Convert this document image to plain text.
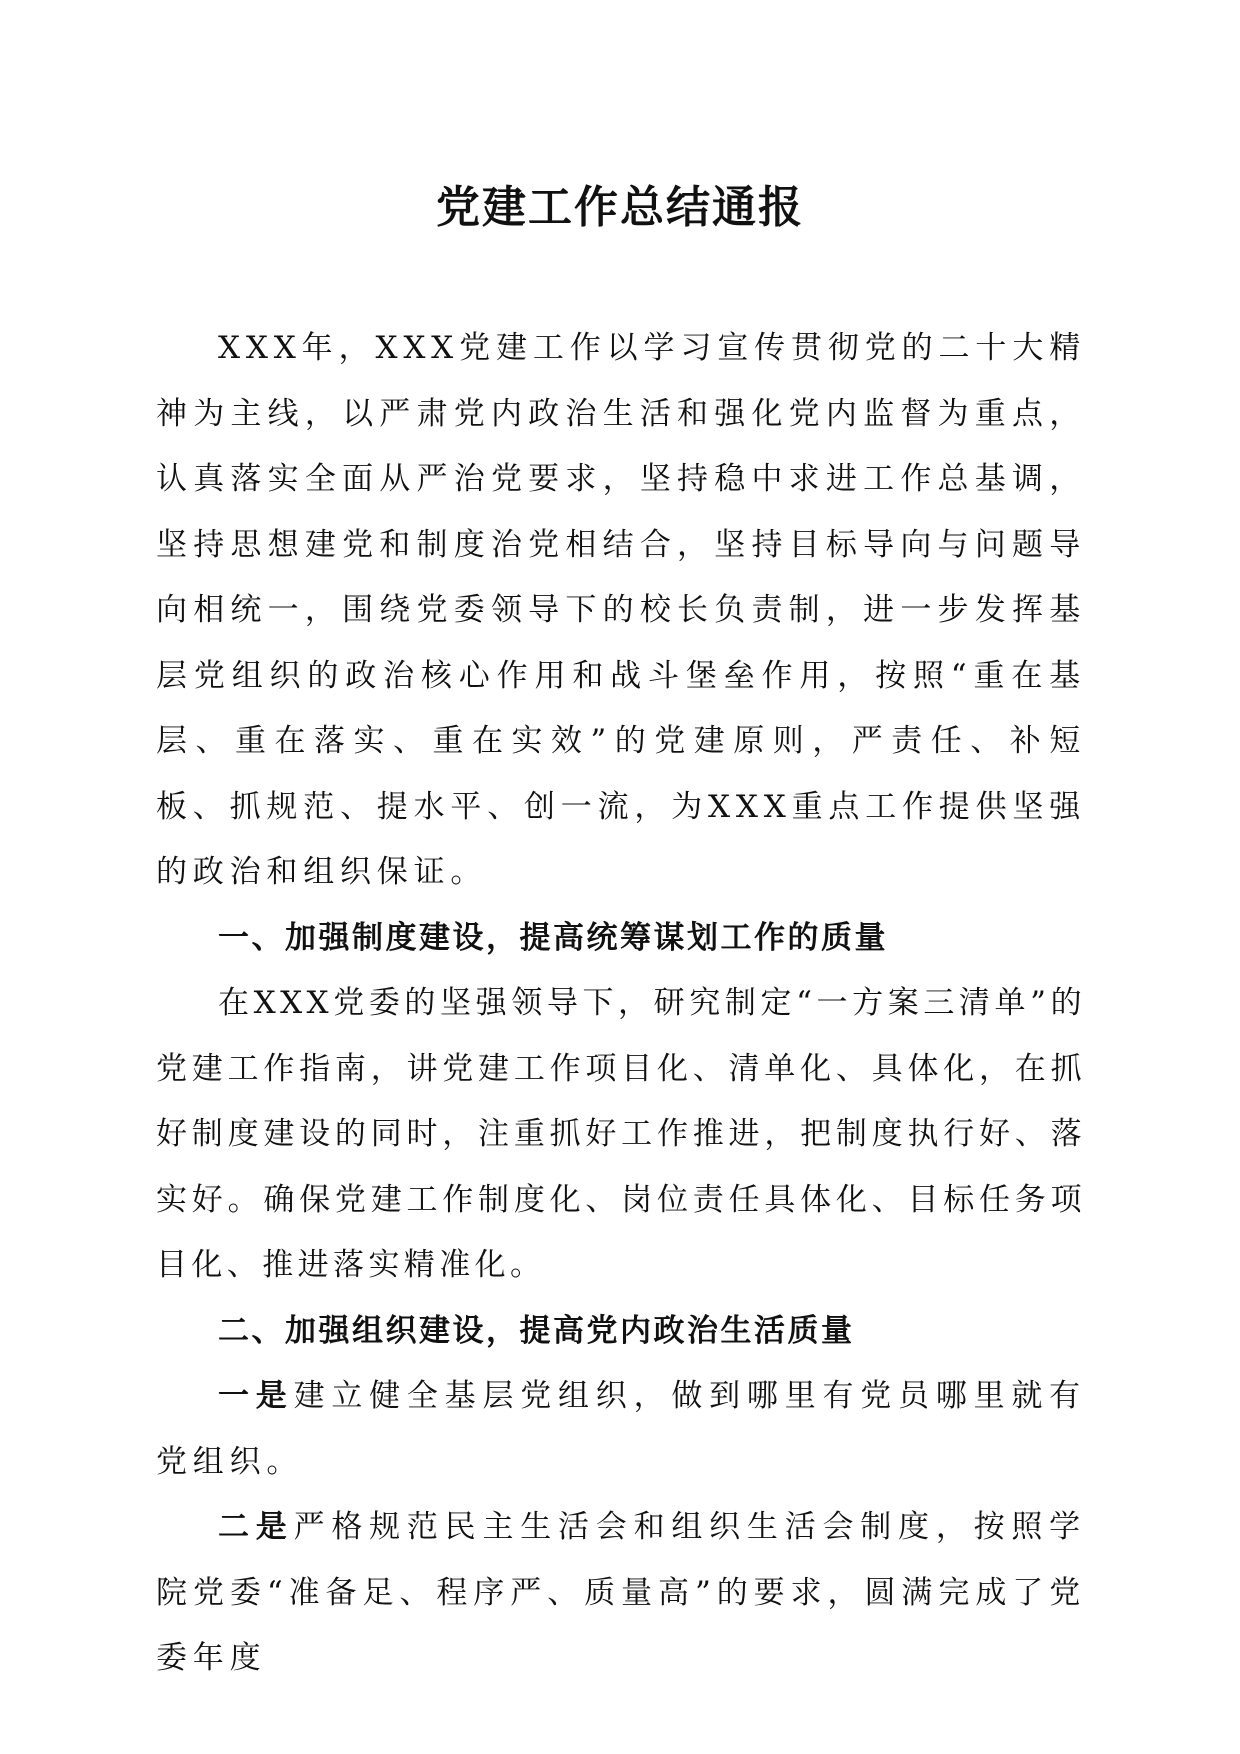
党建工作总结通报

XXX年，XXX党建工作以学习宣传贯彻党的二十大精神为主线，以严肃党内政治生活和强化党内监督为重点，认真落实全面从严治党要求，坚持稳中求进工作总基调，坚持思想建党和制度治党相结合，坚持目标导向与问题导向相统一，围绕党委领导下的校长负责制，进一步发挥基层党组织的政治核心作用和战斗堡垒作用，按照“重在基层、重在落实、重在实效”的党建原则，严责任、补短板、抓规范、提水平、创一流，为XXX重点工作提供坚强的政治和组织保证。

一、加强制度建设，提高统筹谋划工作的质量

在XXX党委的坚强领导下，研究制定“一方案三清单”的党建工作指南，讲党建工作项目化、清单化、具体化，在抓好制度建设的同时，注重抓好工作推进，把制度执行好、落实好。确保党建工作制度化、岗位责任具体化、目标任务项目化、推进落实精准化。

二、加强组织建设，提高党内政治生活质量

一是建立健全基层党组织，做到哪里有党员哪里就有党组织。

二是严格规范民主生活会和组织生活会制度，按照学院党委“准备足、程序严、质量高”的要求，圆满完成了党委年度
